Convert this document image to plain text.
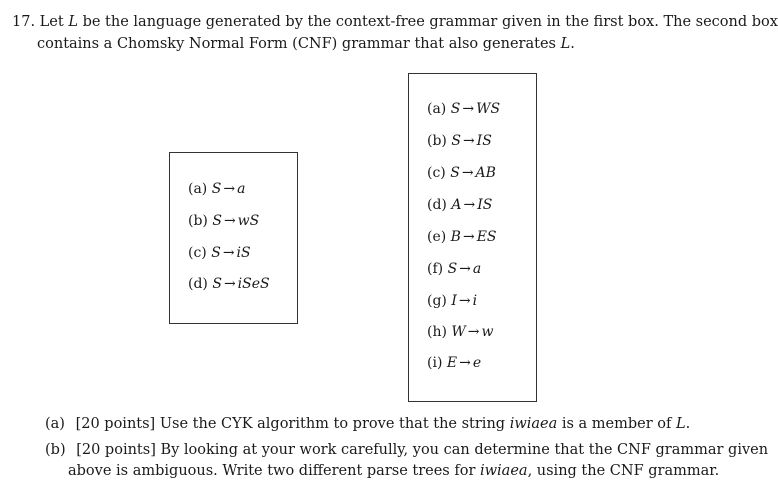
17. Let L be the language generated by the context-free grammar given in the first box. The second box
contains a Chomsky Normal Form (CNF) grammar that also generates L.
(a) S → a
(b) S → wS
(c) S → iS
(d) S → iSeS
(a) S → WS
(b) S → IS
(c) S → AB
(d) A → IS
(e) B → ES
(f) S → a
(g) I → i
(h) W → w
(i) E → e
(a) [20 points] Use the CYK algorithm to prove that the string iwiaea is a member of L.
(b) [20 points] By looking at your work carefully, you can determine that the CNF grammar given
above is ambiguous. Write two different parse trees for iwiaea, using the CNF grammar.
